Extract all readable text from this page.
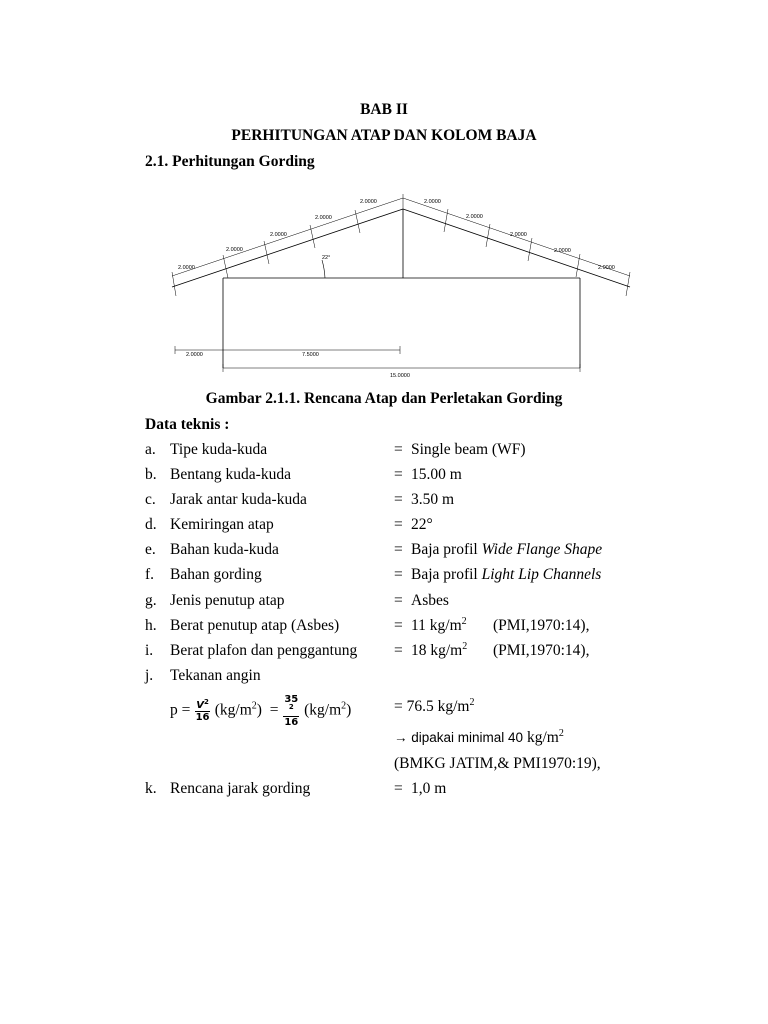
BAB II
PERHITUNGAN ATAP DAN KOLOM BAJA
2.1. Perhitungan Gording
2.0000
2.0000
2.0000
2.0000
2.0000	2.0000
2.0000
2.0000
2.0000
2.0000
22°
2.0000	7.5000
15.0000
Gambar 2.1.1. Rencana Atap dan Perletakan Gording
Data teknis :
a. Tipe kuda-kuda	= Single beam (WF)
b. Bentang kuda-kuda	= 15.00 m
c. Jarak antar kuda-kuda	= 3.50 m
d. Kemiringan atap	= 22°
e. Bahan kuda-kuda	= Baja profil Wide Flange Shape
f. Bahan gording	= Baja profil Light Lip Channels
g. Jenis penutup atap	= Asbes
h. Berat penutup atap (Asbes)	= 11 $kg/m^2$ (PMI,1970:14),
i. Berat plafon dan penggantung = 18 $kg/m^2$ (PMI,1970:14),
j. Tekanan angin
$p = \frac{V^2}{16} (kg/m^2) = 35$
$^2$
16 $(kg/m^2)$	= 76.5 $kg/m^2$
→ dipakai minimal 40 $kg/m^2$
(BMKG JATIM,& PMI1970:19),
k. Rencana jarak gording	= 1,0 m
